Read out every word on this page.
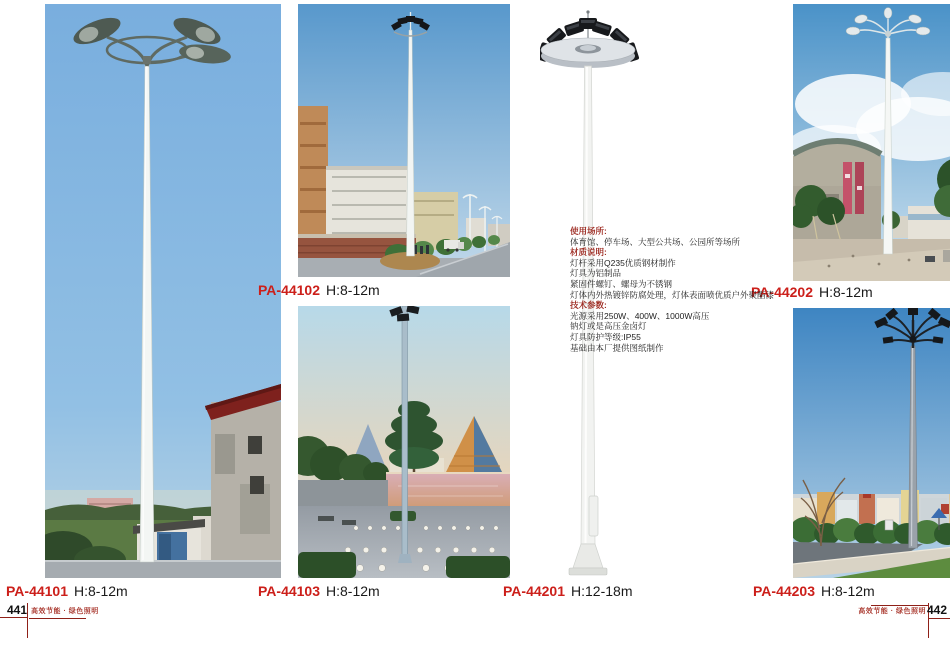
PA-44101 H:8-12m
PA-44102 H:8-12m
PA-44103 H:8-12m	PA-44201 H:12-18m
PA-44202 H:8-12m
PA-44203 H:8-12m
使用场所:
体育馆、停车场、大型公共场、公园所等场所
材质说明:
灯杆采用Q235优质钢材制作
灯具为铝制品
紧固件螺钉、螺母为不锈钢
灯体内外热镀锌防腐处理，灯体表面喷优质户外聚酯漆
技术参数:
光源采用250W、400W、1000W高压
钠灯或是高压金卤灯
灯具防护等级:IP55
基础由本厂提供图纸制作
441 高效节能 · 绿色照明	高效节能 · 绿色照明 442
